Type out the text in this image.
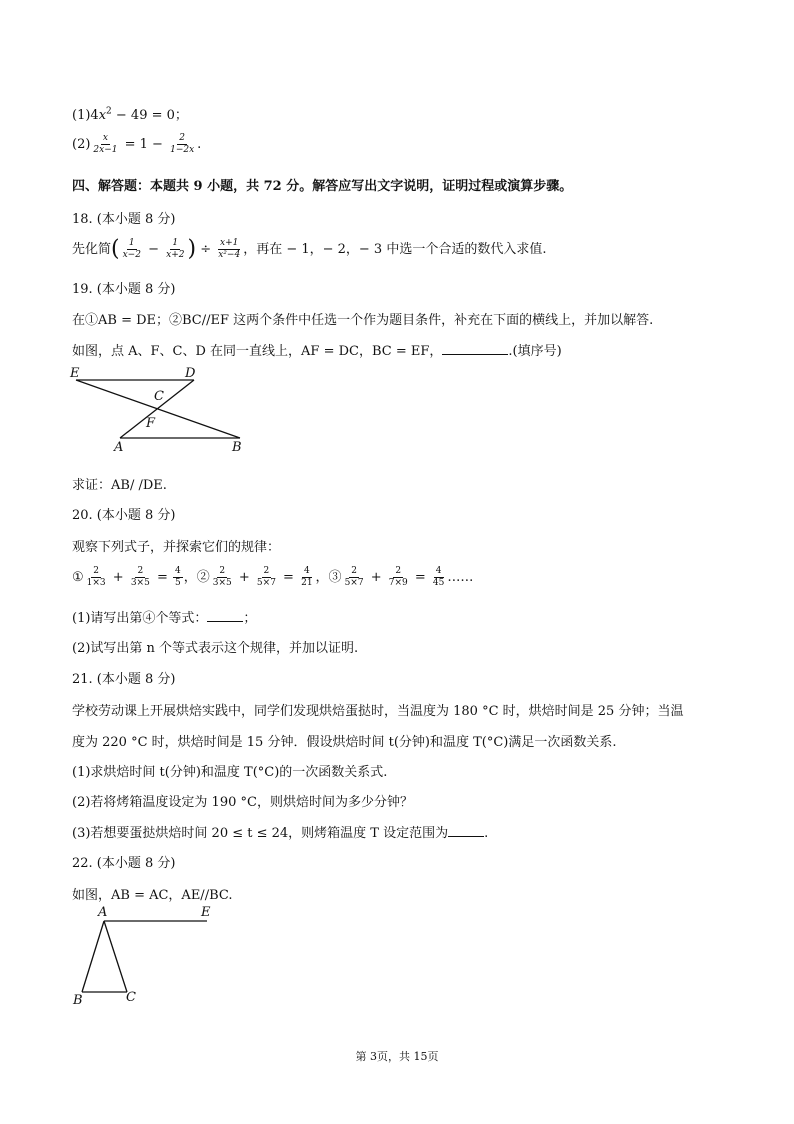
$(1)4x^2 - 49 = 0$；
$(2) \frac{x}{2x-1} = 1 - \frac{2}{1-2x}$ .
四、解答题：本题共 9 小题，共 72 分。解答应写出文字说明，证明过程或演算步骤。
18. (本小题 8 分)
先化简( $\frac{1}{x-2} - \frac{1}{x+2}$ ) ÷ $\frac{x+1}{\text{x²−4}}$ ，再在 − 1，− 2，− 3 中选一个合适的数代入求值.
19. (本小题 8 分)
在①AB = DE；②BC//EF 这两个条件中任选一个作为题目条件，补充在下面的横线上，并加以解答.
如图，点 A、F、C、D 在同一直线上，AF = DC，BC = EF，	.(填序号)
E	D
C
F
A	B
求证：AB/ /DE.
20. (本小题 8 分)
观察下列式子，并探索它们的规律：
① $\frac{2}{1\times 3} + \frac{2}{3\times 5} = \frac{4}{5}$ ，② $\frac{2}{3\times 5} + \frac{2}{5\times 7} = \frac{4}{21}$ ，③ $\frac{2}{5\times 7} + \frac{2}{7\times 9} = \frac{4}{45}$ ……
(1)请写出第④个等式：	；
(2)试写出第 n 个等式表示这个规律，并加以证明.
21. (本小题 8 分)
学校劳动课上开展烘焙实践中，同学们发现烘焙蛋挞时，当温度为 180 °C 时，烘焙时间是 25 分钟；当温
度为 220 °C 时，烘焙时间是 15 分钟．假设烘焙时间 t(分钟)和温度 T(°C)满足一次函数关系.
(1)求烘焙时间 t(分钟)和温度 T(°C)的一次函数关系式.
(2)若将烤箱温度设定为 190 °C，则烘焙时间为多少分钟？
(3)若想要蛋挞烘焙时间 20 ≤ t ≤ 24，则烤箱温度 T 设定范围为	.
22. (本小题 8 分)
如图，AB = AC，AE//BC.
A	E
B	C
第 3页，共 15页
